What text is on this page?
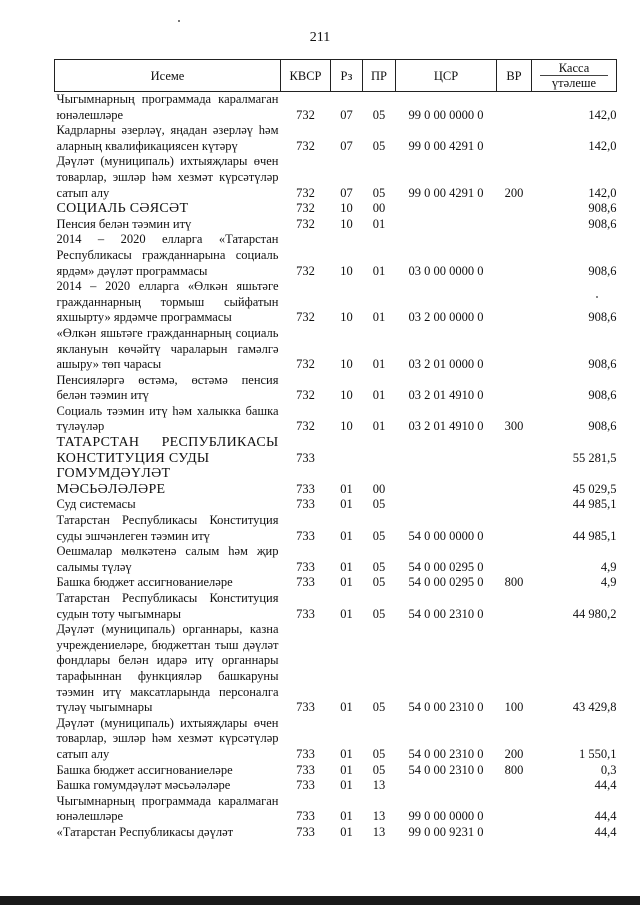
211
Исеме	КВСР	Рз	ПР	ЦСР	ВР	Касса
үтәлеше

Чыгымнарның программада каралмаган юнәлешләре	732	07	05	99 0 00 0000 0		142,0
Кадрларны әзерләү, яңадан әзерләү һәм аларның квалификациясен күтәрү	732	07	05	99 0 00 4291 0		142,0
Дәүләт (муниципаль) ихтыяҗлары өчен товарлар, эшләр һәм хезмәт күрсәтүләр сатып алу	732	07	05	99 0 00 4291 0	200	142,0
СОЦИАЛЬ СӘЯСӘТ	732	10	00			908,6
Пенсия белән тәэмин итү	732	10	01			908,6
2014 – 2020 елларга «Татарстан Республикасы гражданнарына социаль ярдәм» дәүләт программасы	732	10	01	03 0 00 0000 0		908,6
2014 – 2020 елларга «Өлкән яшьтәге гражданнарның тормыш сыйфатын яхшырту» ярдәмче программасы	732	10	01	03 2 00 0000 0		908,6
«Өлкән яшьтәге гражданнарның социаль яклануын көчәйтү чараларын гамәлгә ашыру» төп чарасы	732	10	01	03 2 01 0000 0		908,6
Пенсияләргә өстәмә, өстәмә пенсия белән тәэмин итү	732	10	01	03 2 01 4910 0		908,6
Социаль тәэмин итү һәм халыкка башка түләүләр	732	10	01	03 2 01 4910 0	300	908,6
ТАТАРСТАН РЕСПУБЛИКАСЫ КОНСТИТУЦИЯ СУДЫ	733					55 281,5
ГОМУМДӘҮЛӘТ МӘСЬӘЛӘЛӘРЕ	733	01	00			45 029,5
Суд системасы	733	01	05			44 985,1
Татарстан Республикасы Конституция суды эшчәнлеген тәэмин итү	733	01	05	54 0 00 0000 0		44 985,1
Оешмалар мөлкәтенә салым һәм җир салымы түләү	733	01	05	54 0 00 0295 0		4,9
Башка бюджет ассигнованиеләре	733	01	05	54 0 00 0295 0	800	4,9
Татарстан Республикасы Конституция судын тоту чыгымнары	733	01	05	54 0 00 2310 0		44 980,2
Дәүләт (муниципаль) органнары, казна учреждениеләре, бюджеттан тыш дәүләт фондлары белән идарә итү органнары тарафыннан функцияләр башкаруны тәэмин итү максатларында персоналга түләү чыгымнары	733	01	05	54 0 00 2310 0	100	43 429,8
Дәүләт (муниципаль) ихтыяҗлары өчен товарлар, эшләр һәм хезмәт күрсәтүләр сатып алу	733	01	05	54 0 00 2310 0	200	1 550,1
Башка бюджет ассигнованиеләре	733	01	05	54 0 00 2310 0	800	0,3
Башка гомумдәүләт мәсьәләләре	733	01	13			44,4
Чыгымнарның программада каралмаган юнәлешләре	733	01	13	99 0 00 0000 0		44,4
«Татарстан Республикасы дәүләт	733	01	13	99 0 00 9231 0		44,4
